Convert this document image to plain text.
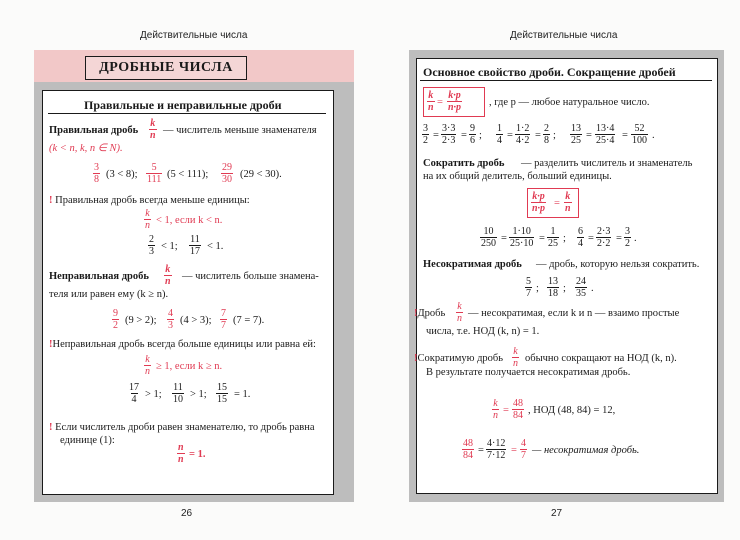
Действительные числа
ДРОБНЫЕ ЧИСЛА
Правильные и неправильные дроби
Правильная дробь $\frac{k}{n}$ — числитель меньше знаменателя
(k < n, k, n ∈ N).
$\frac{3}{8} (3 < 8)$; $\frac{5}{111} (5 < 111)$; $\frac{29}{30} (29 < 30)$.
! Правильная дробь всегда меньше единицы:
$\frac{k}{n} < 1$, если k < n.
$\frac{2}{3} < 1$; $\frac{11}{17} < 1$.
Неправильная дробь $\frac{k}{n}$ — числитель больше знамена-
теля или равен ему (k ≥ n).
$\frac{9}{2} (9 > 2)$; $\frac{4}{3} (4 > 3)$; $\frac{7}{7} (7 = 7)$.
!Неправильная дробь всегда больше единицы или равна ей:
$\frac{k}{n} \ge 1$, если k ≥ n.
$\frac{17}{4} > 1$; $\frac{11}{10} > 1$; $\frac{15}{15} = 1$.
! Если числитель дроби равен знаменателю, то дробь равна
единице (1):
$\frac{n}{n} = 1$.
26
Действительные числа
Основное свойство дроби. Сокращение дробей
$\frac{k}{n} = \frac{k\cdot p}{n\cdot p}$	, где p — любое натуральное число.
$\frac{3}{2} = \frac{3\cdot 3}{2\cdot 3} = \frac{9}{6}$ ; $\frac{1}{4} = \frac{1\cdot 2}{4\cdot 2} = \frac{2}{8}$ ; $\frac{13}{25} = \frac{13\cdot 4}{25\cdot 4} = \frac{52}{100}$ .
Сократить дробь — разделить числитель и знаменатель
на их общий делитель, больший единицы.
$\frac{k\cdot p}{n\cdot p} = \frac{k}{n}$
$\frac{10}{250} = \frac{1\cdot 10}{25\cdot 10} = \frac{1}{25}$ ; $\frac{6}{4} = \frac{2\cdot 3}{2\cdot 2} = \frac{3}{2}$ .
Несократимая дробь — дробь, которую нельзя сократить.
$\frac{5}{7}$ ; $\frac{13}{18}$ ; $\frac{24}{35}$ .
!Дробь $\frac{k}{n}$ — несократимая, если k и n — взаимо простые
числа, т.е. НОД (k, n) = 1.
!Сократимую дробь $\frac{k}{n}$ обычно сокращают на НОД (k, n).
В результате получается несократимая дробь.
$\frac{k}{n} = \frac{48}{84}$ , НОД (48, 84) = 12,
$\frac{48}{84} = \frac{4\cdot 12}{7\cdot 12} = \frac{4}{7}$ — несократимая дробь.
27
